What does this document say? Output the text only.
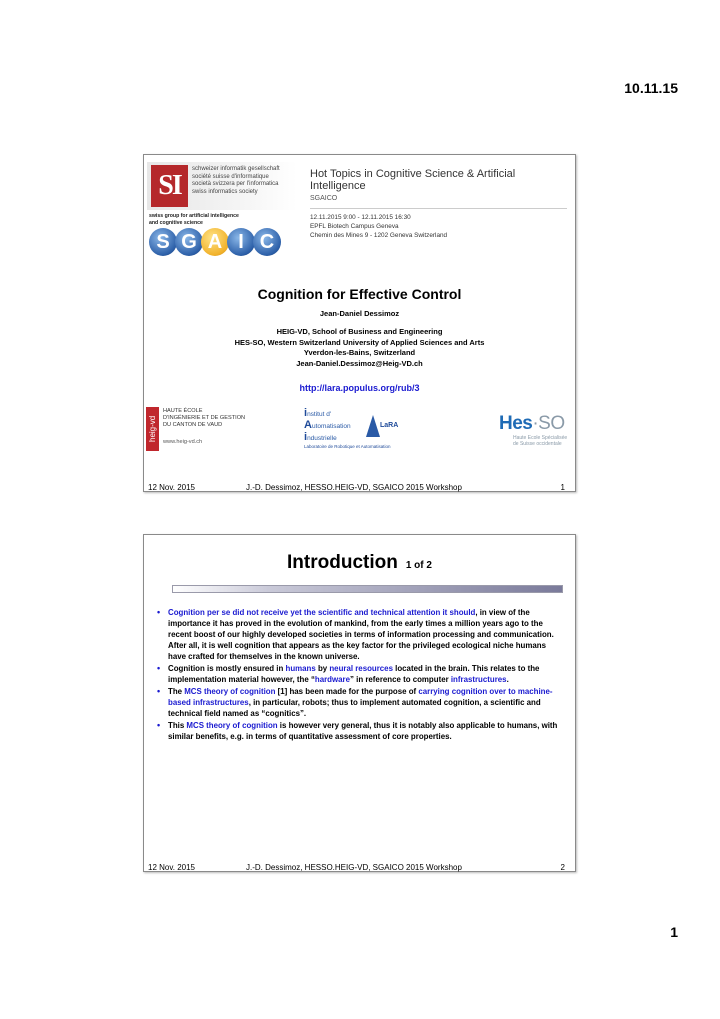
10.11.15
SI
schweizer informatik gesellschaft
société suisse d'informatique
società svizzera per l'informatica
swiss informatics society
swiss group for artificial intelligence
and cognitive science
S G A I C
Hot Topics in Cognitive Science & Artificial Intelligence
SGAICO
12.11.2015 9:00 - 12.11.2015 16:30
EPFL Biotech Campus Geneva
Chemin des Mines 9 - 1202 Geneva Switzerland
Cognition for Effective Control
Jean-Daniel Dessimoz
HEIG-VD, School of Business and Engineering
HES-SO, Western Switzerland University of Applied Sciences and Arts
Yverdon-les-Bains, Switzerland
Jean-Daniel.Dessimoz@Heig-VD.ch
http://lara.populus.org/rub/3
heig-vd
HAUTE ÉCOLE
D'INGÉNIERIE ET DE GESTION
DU CANTON DE VAUD
www.heig-vd.ch
institut d'
Automatisation
industrielle
LaRA
Laboratoire de Robotique et Automatisation
Hes·SO
Haute Ecole Spécialisée
de Suisse occidentale
12 Nov. 2015	J.-D. Dessimoz, HESSO.HEIG-VD, SGAICO 2015 Workshop	1
Introduction 1 of 2
• Cognition per se did not receive yet the scientific and technical attention it should, in view of the importance it has proved in the evolution of mankind, from the early times a million years ago to the recent boost of our highly developed societies in terms of information processing and communication. After all, it is well cognition that appears as the key factor for the privileged ecological niche humans have crafted for themselves in the known universe.
• Cognition is mostly ensured in humans by neural resources located in the brain. This relates to the implementation material however, the “hardware” in reference to computer infrastructures.
• The MCS theory of cognition [1] has been made for the purpose of carrying cognition over to machine-based infrastructures, in particular, robots; thus to implement automated cognition, a scientific and technical field named as “cognitics”.
• This MCS theory of cognition is however very general, thus it is notably also applicable to humans, with similar benefits, e.g. in terms of quantitative assessment of core properties.
12 Nov. 2015	J.-D. Dessimoz, HESSO.HEIG-VD, SGAICO 2015 Workshop	2
1
